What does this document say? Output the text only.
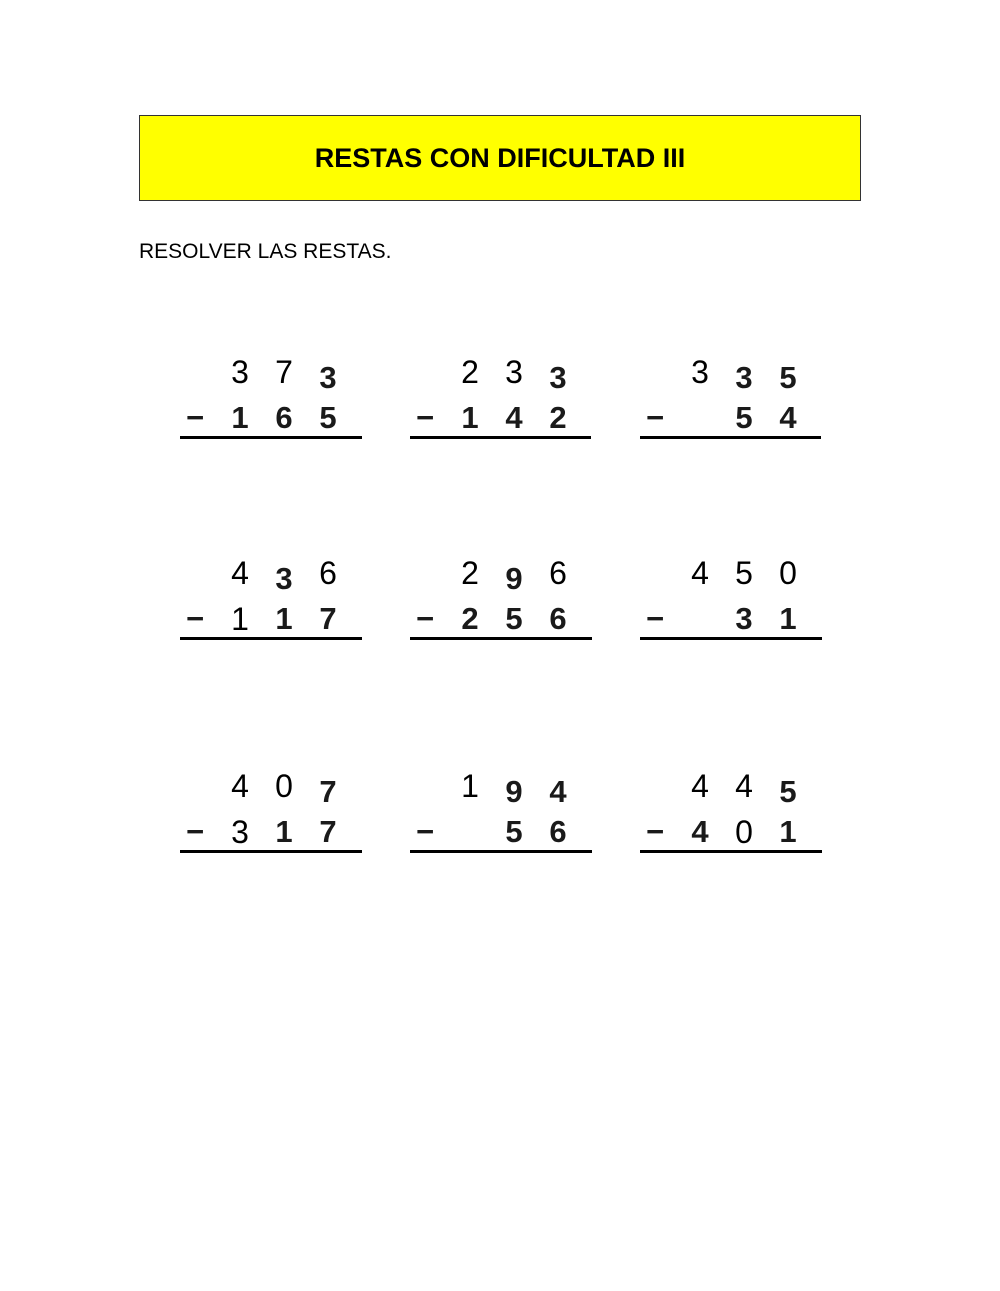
RESTAS CON DIFICULTAD III
RESOLVER LAS RESTAS.
3 7 3
− 1 6 5
2 3 3
− 1 4 2
3 3 5
− 5 4
4 3 6
− 1 1 7
2 9 6
− 2 5 6
4 5 0
− 3 1
4 0 7
− 3 1 7
1 9 4
− 5 6
4 4 5
− 4 0 1
